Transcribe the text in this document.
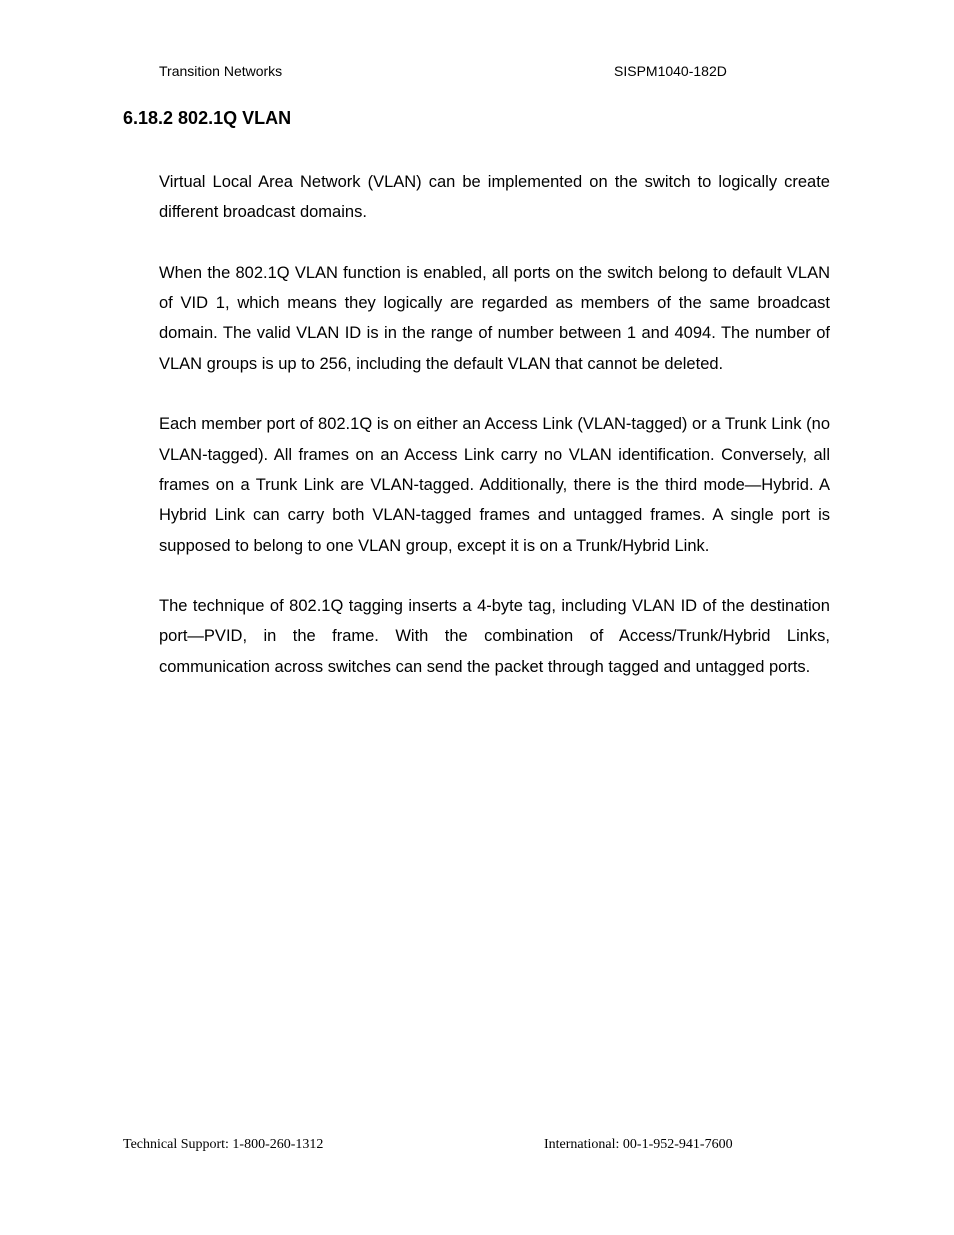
Transition Networks	SISPM1040-182D
6.18.2 802.1Q VLAN

Virtual Local Area Network (VLAN) can be implemented on the switch to logically create different broadcast domains.

When the 802.1Q VLAN function is enabled, all ports on the switch belong to default VLAN of VID 1, which means they logically are regarded as members of the same broadcast domain. The valid VLAN ID is in the range of number between 1 and 4094. The number of VLAN groups is up to 256, including the default VLAN that cannot be deleted.

Each member port of 802.1Q is on either an Access Link (VLAN-tagged) or a Trunk Link (no VLAN-tagged). All frames on an Access Link carry no VLAN identification. Conversely, all frames on a Trunk Link are VLAN-tagged. Additionally, there is the third mode—Hybrid. A Hybrid Link can carry both VLAN-tagged frames and untagged frames. A single port is supposed to belong to one VLAN group, except it is on a Trunk/Hybrid Link.

The technique of 802.1Q tagging inserts a 4-byte tag, including VLAN ID of the destination port—PVID, in the frame. With the combination of Access/Trunk/Hybrid Links, communication across switches can send the packet through tagged and untagged ports.

Technical Support: 1-800-260-1312	International: 00-1-952-941-7600
